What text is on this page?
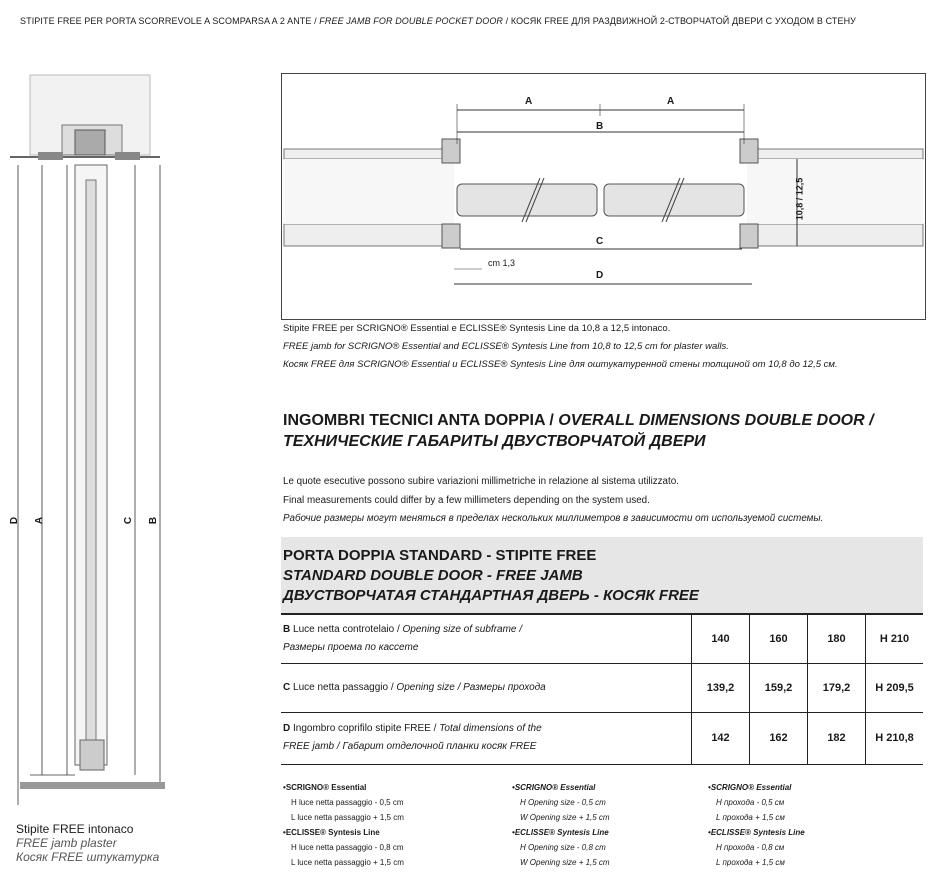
STIPITE FREE PER PORTA SCORREVOLE A SCOMPARSA A 2 ANTE / FREE JAMB FOR DOUBLE POCKET DOOR / КОСЯК FREE ДЛЯ РАЗДВИЖНОЙ 2-СТВОРЧАТОЙ ДВЕРИ С УХОДОМ В СТЕНУ
D A	C B
Stipite FREE intonaco
FREE jamb plaster
Косяк FREE штукатурка
A	A
B
C
D
cm 1,3
10,8 / 12,5
Stipite FREE per SCRIGNO® Essential e ECLISSE® Syntesis Line da 10,8 a 12,5 intonaco.
FREE jamb for SCRIGNO® Essential and ECLISSE® Syntesis Line from 10,8 to 12,5 cm for plaster walls.
Косяк FREE для SCRIGNO® Essential и ECLISSE® Syntesis Line для оштукатуренной стены толщиной от 10,8 до 12,5 см.
INGOMBRI TECNICI ANTA DOPPIA / OVERALL DIMENSIONS DOUBLE DOOR /
ТЕХНИЧЕСКИЕ ГАБАРИТЫ ДВУСТВОРЧАТОЙ ДВЕРИ
Le quote esecutive possono subire variazioni millimetriche in relazione al sistema utilizzato.
Final measurements could differ by a few millimeters depending on the system used.
Рабочие размеры могут меняться в пределах нескольких миллиметров в зависимости от используемой системы.
PORTA DOPPIA STANDARD - STIPITE FREE
STANDARD DOUBLE DOOR - FREE JAMB
ДВУСТВОРЧАТАЯ СТАНДАРТНАЯ ДВЕРЬ - КОСЯК FREE
B Luce netta controtelaio / Opening size of subframe /
Размеры проема по кассете	140	160	180	H 210
C Luce netta passaggio / Opening size / Размеры прохода	139,2	159,2	179,2	H 209,5
D Ingombro coprifilo stipite FREE / Total dimensions of the
FREE jamb / Габарит отделочной планки косяк FREE	142	162	182	H 210,8
•SCRIGNO® Essential
H luce netta passaggio - 0,5 cm
L luce netta passaggio + 1,5 cm
•ECLISSE® Syntesis Line
H luce netta passaggio - 0,8 cm
L luce netta passaggio + 1,5 cm
•SCRIGNO® Essential
H Opening size - 0,5 cm
W Opening size + 1,5 cm
•ECLISSE® Syntesis Line
H Opening size - 0,8 cm
W Opening size + 1,5 cm
•SCRIGNO® Essential
H прохода - 0,5 см
L прохода + 1,5 см
•ECLISSE® Syntesis Line
H прохода - 0,8 см
L прохода + 1,5 см
